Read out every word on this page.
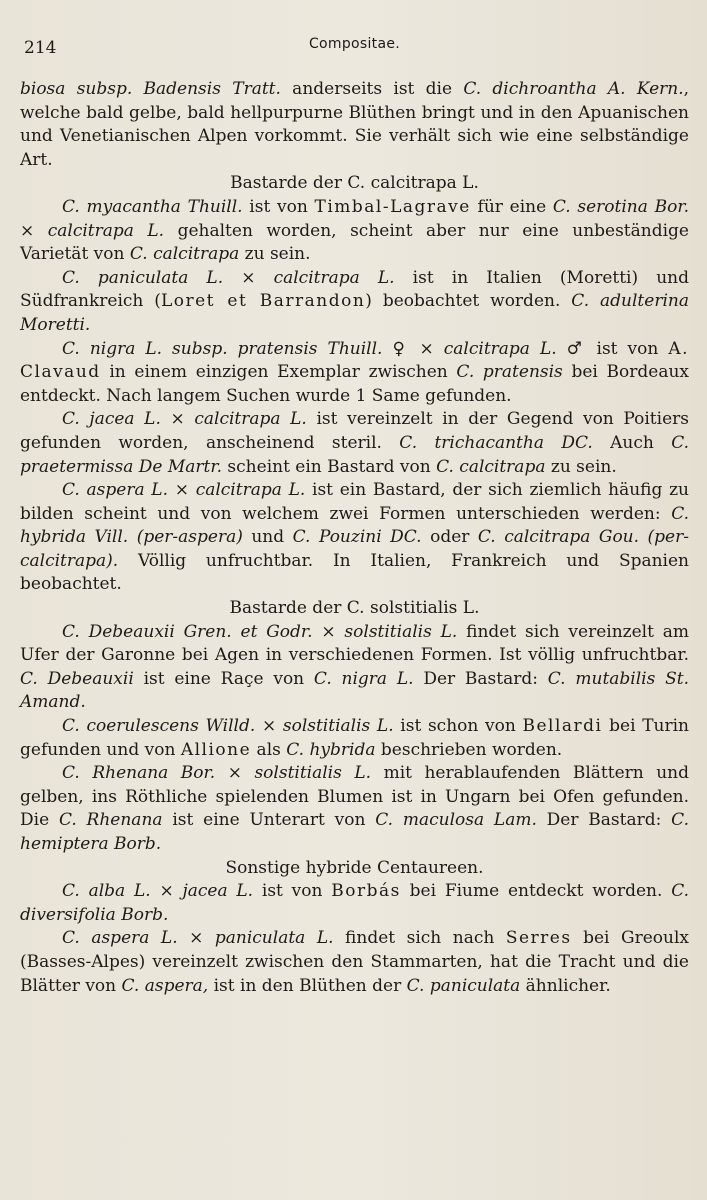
214	Compositae.

biosa subsp. Badensis Tratt. anderseits ist die C. dichroantha A. Kern., welche bald gelbe, bald hellpurpurne Blüthen bringt und in den Apuanischen und Venetianischen Alpen vorkommt. Sie verhält sich wie eine selbständige Art.

Bastarde der C. calcitrapa L.

C. myacantha Thuill. ist von Timbal-Lagrave für eine C. serotina Bor. × calcitrapa L. gehalten worden, scheint aber nur eine unbeständige Varietät von C. calcitrapa zu sein.

C. paniculata L. × calcitrapa L. ist in Italien (Moretti) und Südfrankreich (Loret et Barrandon) beobachtet worden. C. adulterina Moretti.

C. nigra L. subsp. pratensis Thuill. ♀ × calcitrapa L. ♂ ist von A. Clavaud in einem einzigen Exemplar zwischen C. pratensis bei Bordeaux entdeckt. Nach langem Suchen wurde 1 Same gefunden.

C. jacea L. × calcitrapa L. ist vereinzelt in der Gegend von Poitiers gefunden worden, anscheinend steril. C. trichacantha DC. Auch C. praetermissa De Martr. scheint ein Bastard von C. calcitrapa zu sein.

C. aspera L. × calcitrapa L. ist ein Bastard, der sich ziemlich häufig zu bilden scheint und von welchem zwei Formen unterschieden werden: C. hybrida Vill. (per-aspera) und C. Pouzini DC. oder C. calcitrapa Gou. (per-calcitrapa). Völlig unfruchtbar. In Italien, Frankreich und Spanien beobachtet.

Bastarde der C. solstitialis L.

C. Debeauxii Gren. et Godr. × solstitialis L. findet sich vereinzelt am Ufer der Garonne bei Agen in verschiedenen Formen. Ist völlig unfruchtbar. C. Debeauxii ist eine Raçe von C. nigra L. Der Bastard: C. mutabilis St. Amand.

C. coerulescens Willd. × solstitialis L. ist schon von Bellardi bei Turin gefunden und von Allione als C. hybrida beschrieben worden.

C. Rhenana Bor. × solstitialis L. mit herablaufenden Blättern und gelben, ins Röthliche spielenden Blumen ist in Ungarn bei Ofen gefunden. Die C. Rhenana ist eine Unterart von C. maculosa Lam. Der Bastard: C. hemiptera Borb.

Sonstige hybride Centaureen.

C. alba L. × jacea L. ist von Borbás bei Fiume entdeckt worden. C. diversifolia Borb.

C. aspera L. × paniculata L. findet sich nach Serres bei Greoulx (Basses-Alpes) vereinzelt zwischen den Stammarten, hat die Tracht und die Blätter von C. aspera, ist in den Blüthen der C. paniculata ähnlicher.
